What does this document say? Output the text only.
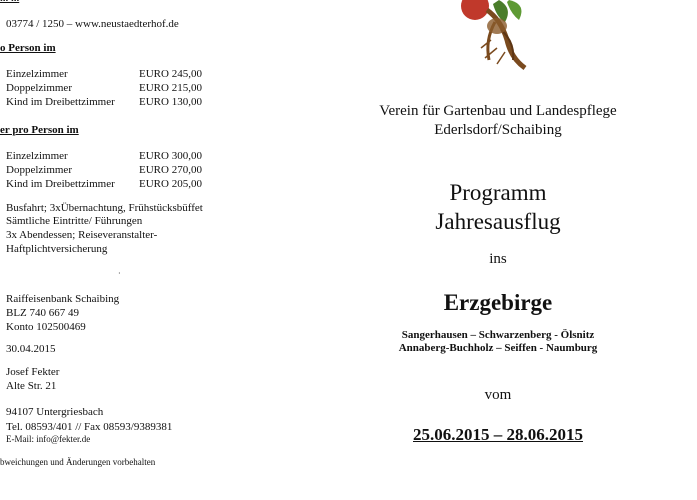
03774 / 1250 – www.neustaedterhof.de
o Person im
Einzelzimmer	EURO 245,00
Doppelzimmer	EURO 215,00
Kind im Dreibettzimmer EURO 130,00
er pro Person im
Einzelzimmer	EURO 300,00
Doppelzimmer	EURO 270,00
Kind im Dreibettzimmer EURO 205,00
Busfahrt; 3xÜbernachtung, Frühstücksbüffet
Sämtliche Eintritte/ Führungen
3x Abendessen; Reiseveranstalter-
Haftplichtversicherung
·
Raiffeisenbank Schaibing
BLZ 740 667 49
Konto 102500469
30.04.2015
Josef Fekter
Alte Str. 21
94107 Untergriesbach
Tel. 08593/401 // Fax 08593/9389381
E-Mail: info@fekter.de
bweichungen und Änderungen vorbehalten
Verein für Gartenbau und Landespflege
Ederlsdorf/Schaibing
Programm
Jahresausflug
ins
Erzgebirge
Sangerhausen – Schwarzenberg - Ölsnitz
Annaberg-Buchholz – Seiffen - Naumburg
vom
25.06.2015 – 28.06.2015
